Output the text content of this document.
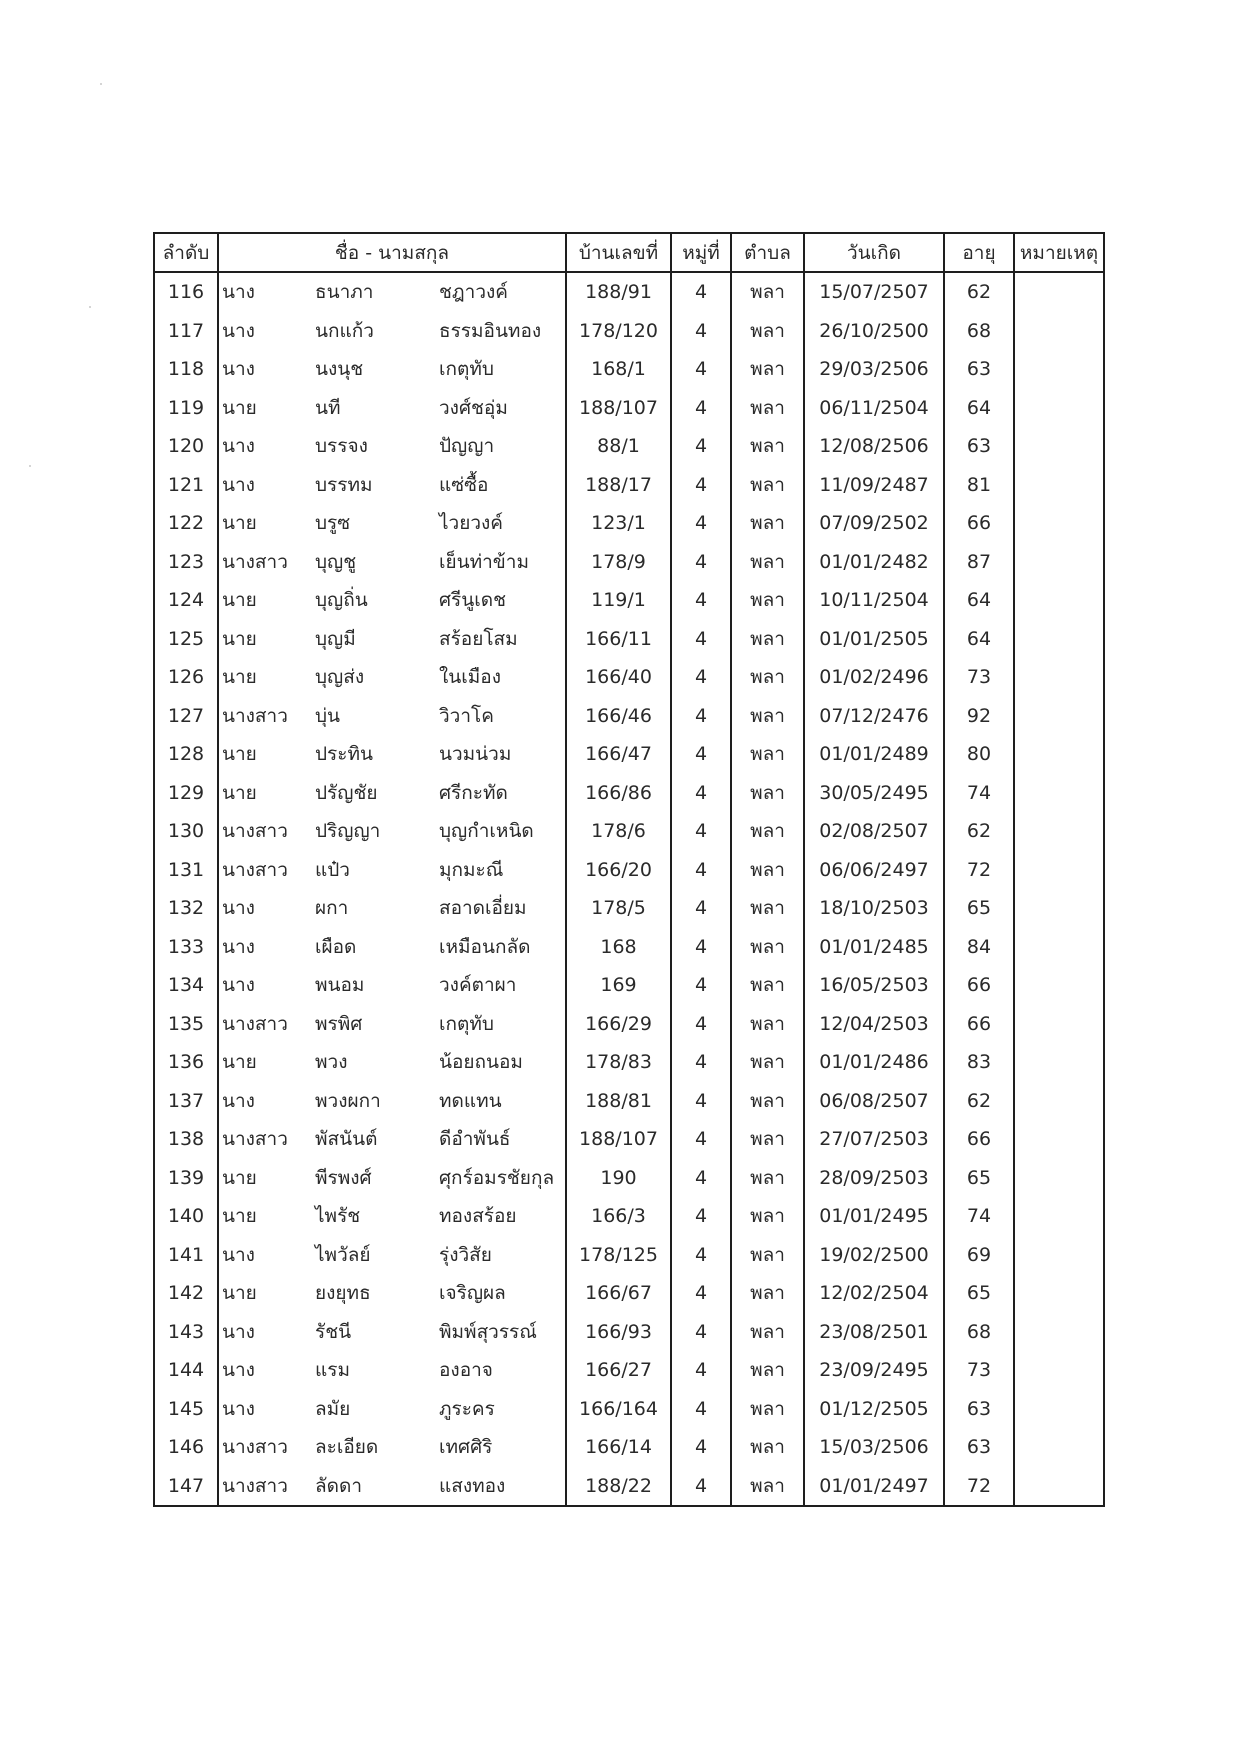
ลำดับ	ชื่อ - นามสกุล	บ้านเลขที่	หมู่ที่	ตำบล	วันเกิด	อายุ	หมายเหตุ
116	นาง ธนาภา ชฎาวงค์	188/91	4	พลา	15/07/2507	62	
117	นาง นกแก้ว ธรรมอินทอง	178/120	4	พลา	26/10/2500	68	
118	นาง นงนุช เกตุทับ	168/1	4	พลา	29/03/2506	63	
119	นาย นที วงศ์ชอุ่ม	188/107	4	พลา	06/11/2504	64	
120	นาง บรรจง ปัญญา	88/1	4	พลา	12/08/2506	63	
121	นาง บรรทม แซ่ซื้อ	188/17	4	พลา	11/09/2487	81	
122	นาย บรูซ ไวยวงค์	123/1	4	พลา	07/09/2502	66	
123	นางสาว บุญชู เย็นท่าข้าม	178/9	4	พลา	01/01/2482	87	
124	นาย บุญถิ่น ศรีนูเดช	119/1	4	พลา	10/11/2504	64	
125	นาย บุญมี สร้อยโสม	166/11	4	พลา	01/01/2505	64	
126	นาย บุญส่ง ในเมือง	166/40	4	พลา	01/02/2496	73	
127	นางสาว บุ่น วิวาโค	166/46	4	พลา	07/12/2476	92	
128	นาย ประทิน นวมน่วม	166/47	4	พลา	01/01/2489	80	
129	นาย ปรัญชัย ศรีกะทัด	166/86	4	พลา	30/05/2495	74	
130	นางสาว ปริญญา บุญกำเหนิด	178/6	4	พลา	02/08/2507	62	
131	นางสาว แป๋ว มุกมะณี	166/20	4	พลา	06/06/2497	72	
132	นาง ผกา สอาดเอี่ยม	178/5	4	พลา	18/10/2503	65	
133	นาง เผือด เหมือนกลัด	168	4	พลา	01/01/2485	84	
134	นาง พนอม วงค์ตาผา	169	4	พลา	16/05/2503	66	
135	นางสาว พรพิศ เกตุทับ	166/29	4	พลา	12/04/2503	66	
136	นาย พวง น้อยถนอม	178/83	4	พลา	01/01/2486	83	
137	นาง พวงผกา ทดแทน	188/81	4	พลา	06/08/2507	62	
138	นางสาว พัสนันต์ ดีอำพันธ์	188/107	4	พลา	27/07/2503	66	
139	นาย พีรพงศ์ ศุกร์อมรชัยกุล	190	4	พลา	28/09/2503	65	
140	นาย ไพรัช ทองสร้อย	166/3	4	พลา	01/01/2495	74	
141	นาง ไพวัลย์ รุ่งวิสัย	178/125	4	พลา	19/02/2500	69	
142	นาย ยงยุทธ เจริญผล	166/67	4	พลา	12/02/2504	65	
143	นาง รัชนี พิมพ์สุวรรณ์	166/93	4	พลา	23/08/2501	68	
144	นาง แรม องอาจ	166/27	4	พลา	23/09/2495	73	
145	นาง ลมัย ภูระคร	166/164	4	พลา	01/12/2505	63	
146	นางสาว ละเอียด เทศศิริ	166/14	4	พลา	15/03/2506	63	
147	นางสาว ลัดดา แสงทอง	188/22	4	พลา	01/01/2497	72	
